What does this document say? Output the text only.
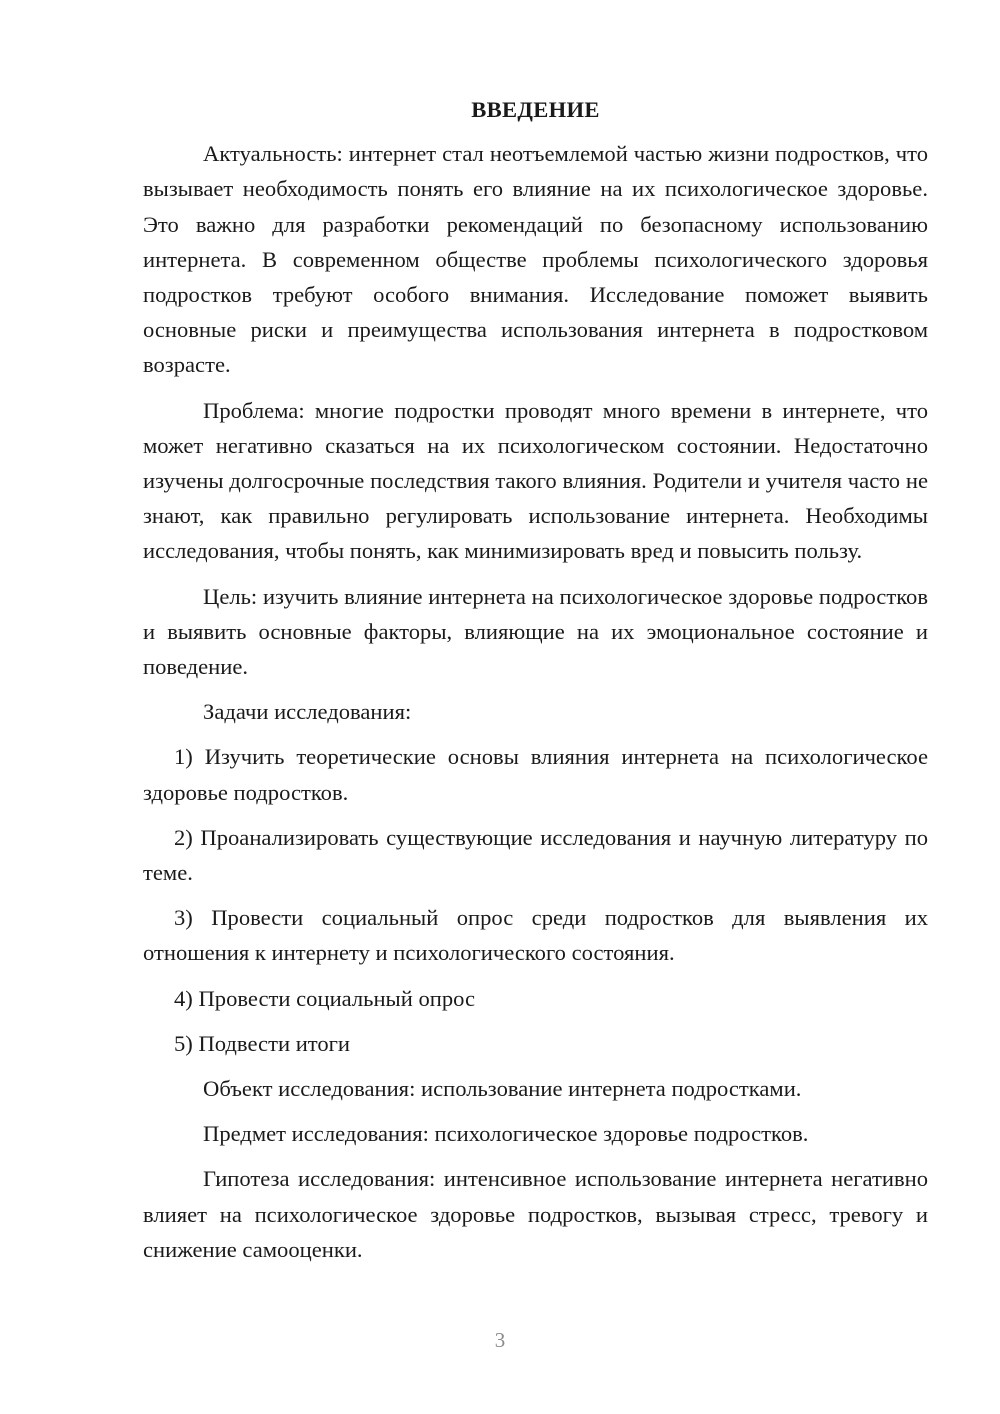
ВВЕДЕНИЕ

Актуальность: интернет стал неотъемлемой частью жизни подростков, что вызывает необходимость понять его влияние на их психологическое здоровье. Это важно для разработки рекомендаций по безопасному использованию интернета. В современном обществе проблемы психологического здоровья подростков требуют особого внимания. Исследование поможет выявить основные риски и преимущества использования интернета в подростковом возрасте.

Проблема: многие подростки проводят много времени в интернете, что может негативно сказаться на их психологическом состоянии. Недостаточно изучены долгосрочные последствия такого влияния. Родители и учителя часто не знают, как правильно регулировать использование интернета. Необходимы исследования, чтобы понять, как минимизировать вред и повысить пользу.

Цель: изучить влияние интернета на психологическое здоровье подростков и выявить основные факторы, влияющие на их эмоциональное состояние и поведение.

Задачи исследования:

1) Изучить теоретические основы влияния интернета на психологическое здоровье подростков.

2) Проанализировать существующие исследования и научную литературу по теме.

3) Провести социальный опрос среди подростков для выявления их отношения к интернету и психологического состояния.

4) Провести социальный опрос

5) Подвести итоги

Объект исследования: использование интернета подростками.

Предмет исследования: психологическое здоровье подростков.

Гипотеза исследования: интенсивное использование интернета негативно влияет на психологическое здоровье подростков, вызывая стресс, тревогу и снижение самооценки.

3
